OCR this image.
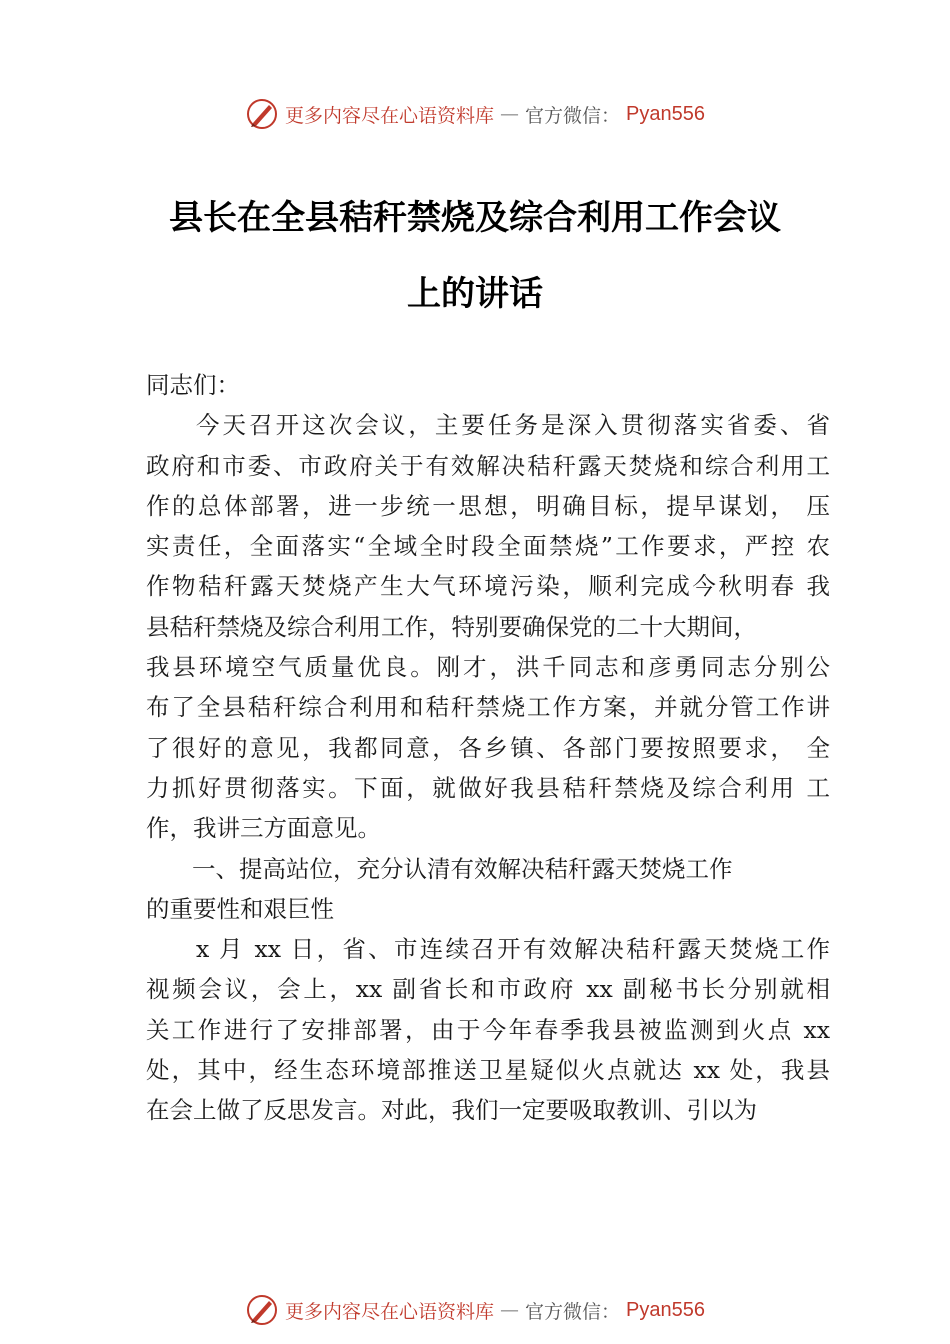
更多内容尽在心语资料库 — 官方微信： Pyan556
县长在全县秸秆禁烧及综合利用工作会议
上的讲话
同志们：
今天召开这次会议，主要任务是深入贯彻落实省委、省
政府和市委、市政府关于有效解决秸秆露天焚烧和综合利用工
作的总体部署，进一步统一思想，明确目标，提早谋划， 压
实责任，全面落实“全域全时段全面禁烧”工作要求，严控 农
作物秸秆露天焚烧产生大气环境污染，顺利完成今秋明春 我
县秸秆禁烧及综合利用工作，特别要确保党的二十大期间，
我县环境空气质量优良。刚才，洪千同志和彦勇同志分别公
布了全县秸秆综合利用和秸秆禁烧工作方案，并就分管工作讲
了很好的意见，我都同意，各乡镇、各部门要按照要求， 全
力抓好贯彻落实。下面，就做好我县秸秆禁烧及综合利用 工
作，我讲三方面意见。
一、提高站位，充分认清有效解决秸秆露天焚烧工作
的重要性和艰巨性
x 月 xx 日，省、市连续召开有效解决秸秆露天焚烧工作
视频会议，会上，xx 副省长和市政府 xx 副秘书长分别就相
关工作进行了安排部署，由于今年春季我县被监测到火点 xx
处，其中，经生态环境部推送卫星疑似火点就达 xx 处，我县
在会上做了反思发言。对此，我们一定要吸取教训、引以为
更多内容尽在心语资料库 — 官方微信： Pyan556
